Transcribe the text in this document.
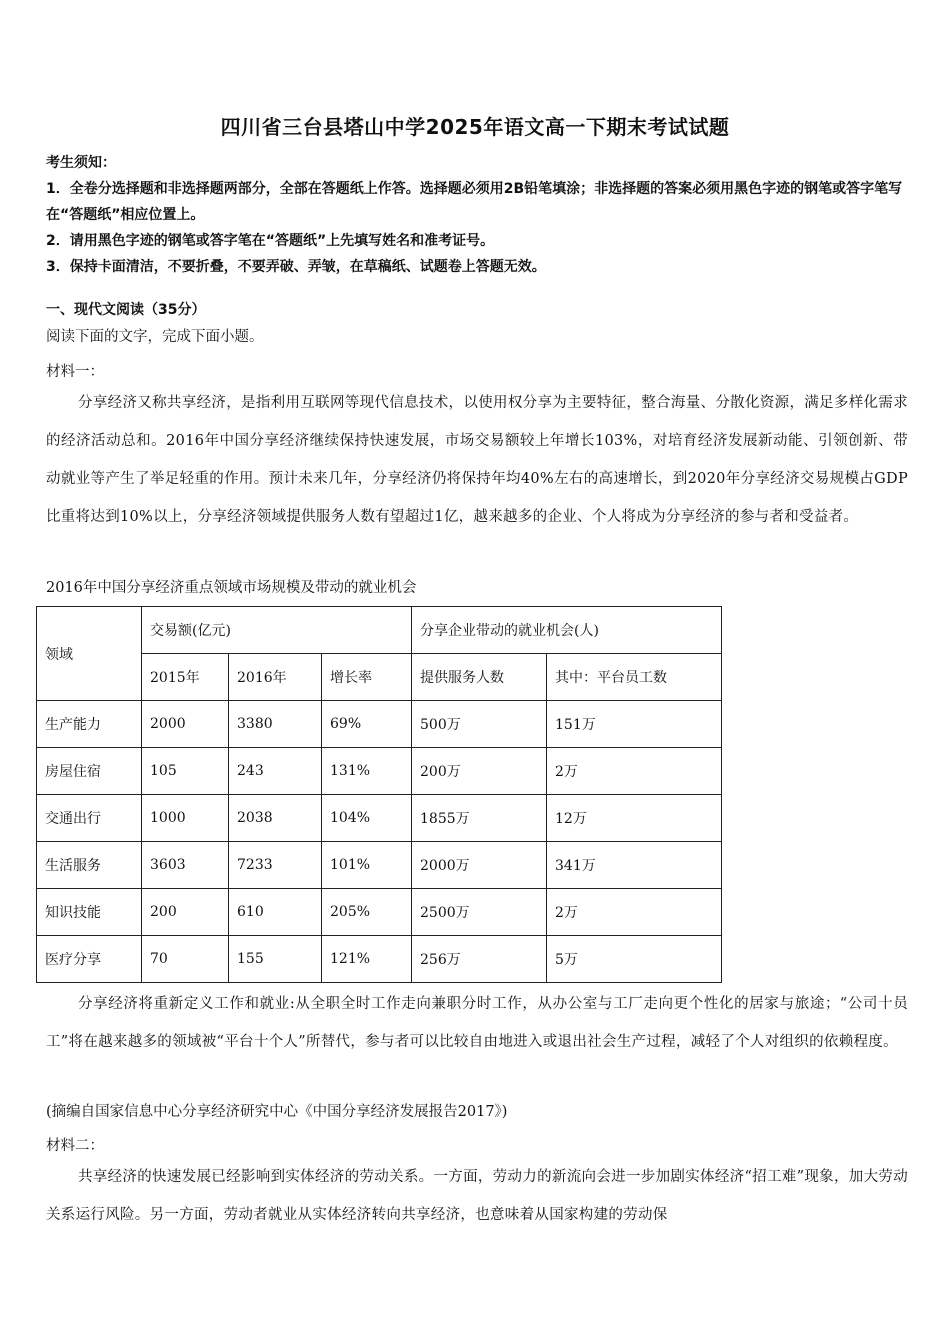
四川省三台县塔山中学2025年语文高一下期末考试试题

考生须知：

1．全卷分选择题和非选择题两部分，全部在答题纸上作答。选择题必须用2B铅笔填涂；非选择题的答案必须用黑色字迹的钢笔或答字笔写在“答题纸”相应位置上。

2．请用黑色字迹的钢笔或答字笔在“答题纸”上先填写姓名和准考证号。

3．保持卡面清洁，不要折叠，不要弄破、弄皱，在草稿纸、试题卷上答题无效。

一、现代文阅读（35分）
阅读下面的文字，完成下面小题。
材料一：
分享经济又称共享经济，是指利用互联网等现代信息技术，以使用权分享为主要特征，整合海量、分散化资源，满足多样化需求的经济活动总和。2016年中国分享经济继续保持快速发展，市场交易额较上年增长103%，对培育经济发展新动能、引领创新、带动就业等产生了举足轻重的作用。预计未来几年，分享经济仍将保持年均40%左右的高速增长，到2020年分享经济交易规模占GDP比重将达到10%以上，分享经济领域提供服务人数有望超过1亿，越来越多的企业、个人将成为分享经济的参与者和受益者。
2016年中国分享经济重点领域市场规模及带动的就业机会
领域	交易额(亿元)			分享企业带动的就业机会(人)	
	2015年	2016年	增长率	提供服务人数	其中：平台员工数
生产能力	2000	3380	69%	500万	151万
房屋住宿	105	243	131%	200万	2万
交通出行	1000	2038	104%	1855万	12万
生活服务	3603	7233	101%	2000万	341万
知识技能	200	610	205%	2500万	2万
医疗分享	70	155	121%	256万	5万
分享经济将重新定义工作和就业:从全职全时工作走向兼职分时工作，从办公室与工厂走向更个性化的居家与旅途；“公司十员工”将在越来越多的领域被“平台十个人”所替代，参与者可以比较自由地进入或退出社会生产过程，减轻了个人对组织的依赖程度。
(摘编自国家信息中心分享经济研究中心《中国分享经济发展报告2017》)
材料二：
共享经济的快速发展已经影响到实体经济的劳动关系。一方面，劳动力的新流向会进一步加剧实体经济“招工难”现象，加大劳动关系运行风险。另一方面，劳动者就业从实体经济转向共享经济，也意味着从国家构建的劳动保
